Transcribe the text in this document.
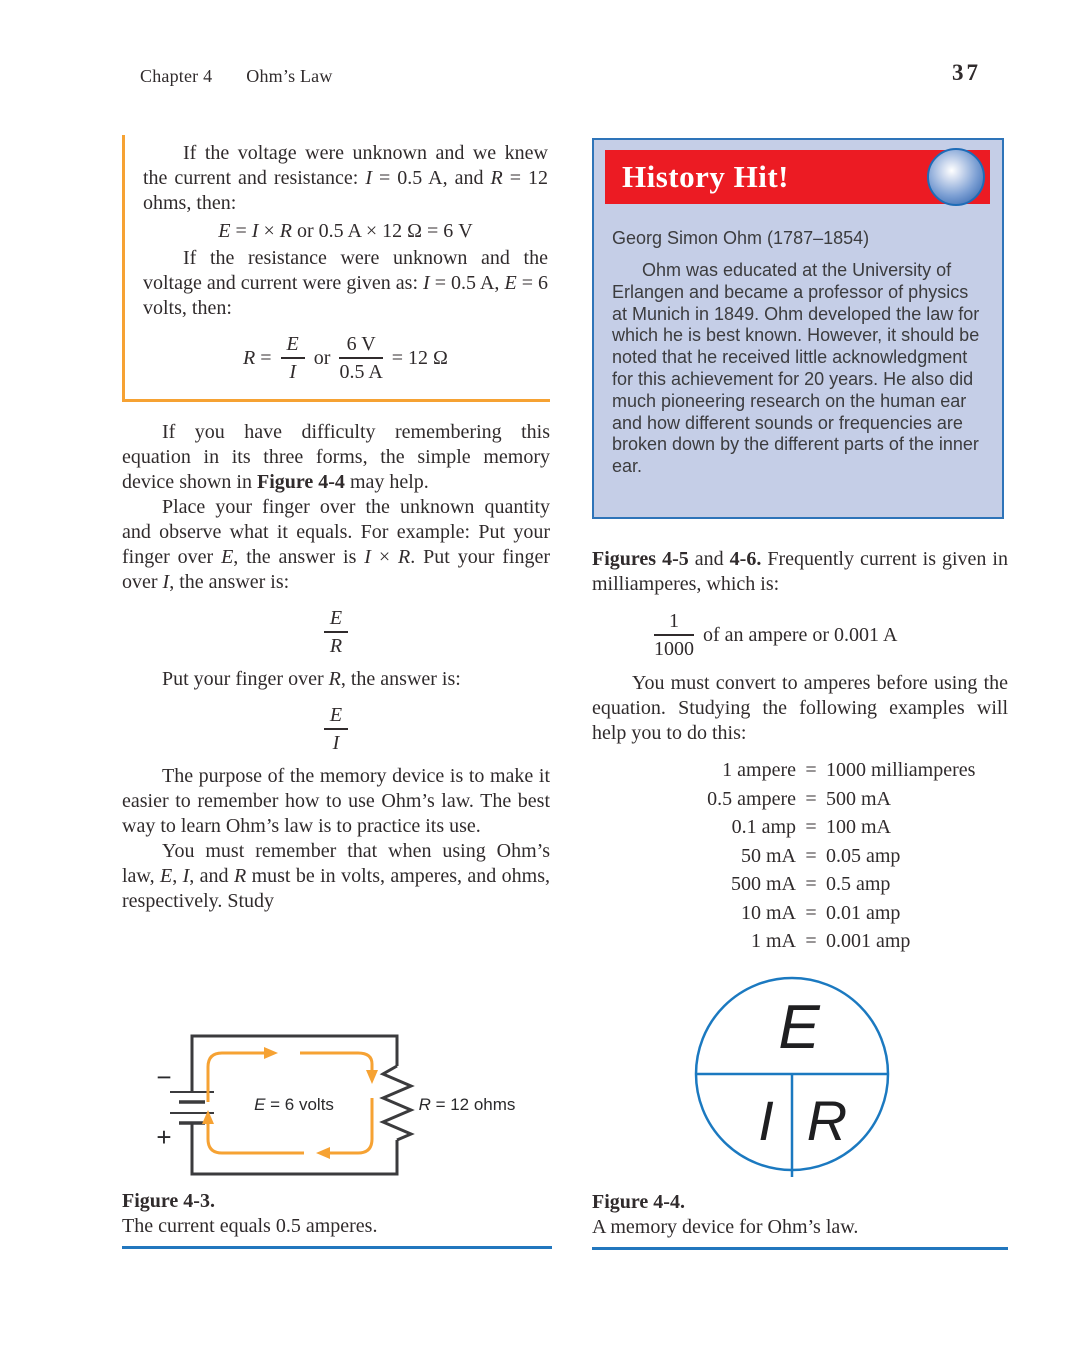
Chapter 4 Ohm’s Law	37

If the voltage were unknown and we knew the current and resistance: I = 0.5 A, and R = 12 ohms, then:

E = I × R or 0.5 A × 12 Ω = 6 V

If the resistance were unknown and the voltage and current were given as: I = 0.5 A, E = 6 volts, then:

$R = \frac{E}{I}$ or $\frac{6 V}{0.5 A} = 12$ Ω

If you have difficulty remembering this equation in its three forms, the simple memory device shown in Figure 4-4 may help.

Place your finger over the unknown quantity and observe what it equals. For example: Put your finger over E, the answer is I × R. Put your finger over I, the answer is:

$\frac{E}{R}$

Put your finger over R, the answer is:

$\frac{E}{I}$

The purpose of the memory device is to make it easier to remember how to use Ohm’s law. The best way to learn Ohm’s law is to practice its use.

You must remember that when using Ohm’s law, E, I, and R must be in volts, amperes, and ohms, respectively. Study

History Hit!
Georg Simon Ohm (1787–1854)
Ohm was educated at the University of Erlangen and became a professor of physics at Munich in 1849. Ohm developed the law for which he is best known. However, it should be noted that he received little acknowledgment for this achievement for 20 years. He also did much pioneering research on the human ear and how different sounds or frequencies are broken down by the different parts of the inner ear.

Figures 4-5 and 4-6. Frequently current is given in milliamperes, which is:

$\frac{1}{1000}$ of an ampere or 0.001 A

You must convert to amperes before using the equation. Studying the following examples will help you to do this:

1 ampere = 1000 milliamperes
0.5 ampere = 500 mA
0.1 amp = 100 mA
50 mA = 0.05 amp
500 mA = 0.5 amp
10 mA = 0.01 amp
1 mA = 0.001 amp
−
+
E = 6 volts	R = 12 ohms
Figure 4-3.
The current equals 0.5 amperes.
E
I R
Figure 4-4.
A memory device for Ohm’s law.
